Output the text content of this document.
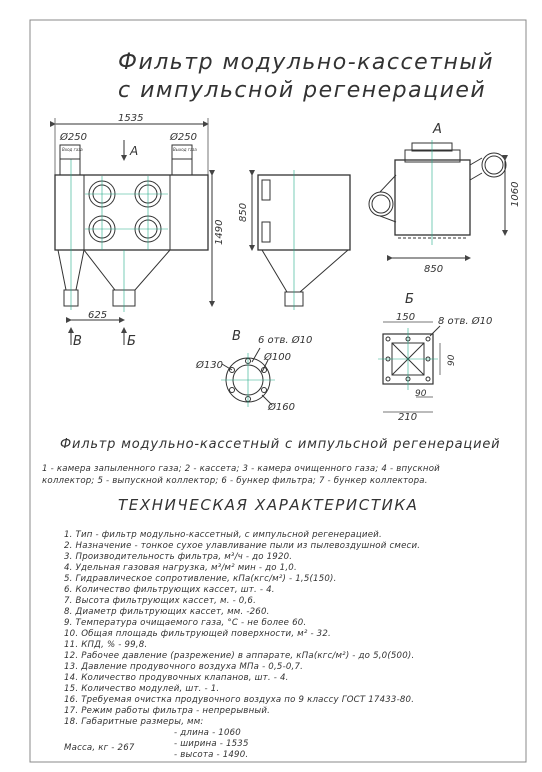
Ø250	Ø250
Вход газа	Выход газа
1535
A
1490
625
B	Б
850
A
1060
850
B 6 отв. Ø10
Ø100
Ø130
Ø160
Б
150 8 отв. Ø10
90
90
210
Фильтр модульно-кассетный
с импульсной регенерацией
Фильтр модульно-кассетный с импульсной регенерацией
1 - камера запыленного газа; 2 - кассета; 3 - камера очищенного газа; 4 - впускной
коллектор; 5 - выпускной коллектор; 6 - бункер фильтра; 7 - бункер коллектора.
ТЕХНИЧЕСКАЯ ХАРАКТЕРИСТИКА
1. Тип - фильтр модульно-кассетный, с импульсной регенерацией.
2. Назначение - тонкое сухое улавливание пыли из пылевоздушной смеси.
3. Производительность фильтра, м³/ч - до 1920.
4. Удельная газовая нагрузка, м³/м² мин - до 1,0.
5. Гидравлическое сопротивление, кПа(кгс/м²) - 1,5(150).
6. Количество фильтрующих кассет, шт. - 4.
7. Высота фильтрующих кассет, м. - 0,6.
8. Диаметр фильтрующих кассет, мм. -260.
9. Температура очищаемого газа, °С - не более 60.
10. Общая площадь фильтрующей поверхности, м² - 32.
11. КПД, % - 99,8.
12. Рабочее давление (разрежение) в аппарате, кПа(кгс/м²) - до 5,0(500).
13. Давление продувочного воздуха МПа - 0,5-0,7.
14. Количество продувочных клапанов, шт. - 4.
15. Количество модулей, шт. - 1.
16. Требуемая очистка продувочного воздуха по 9 классу ГОСТ 17433-80.
17. Режим работы фильтра - непрерывный.
18. Габаритные размеры, мм:
- длина - 1060
- ширина - 1535
- высота - 1490.
Масса, кг - 267
